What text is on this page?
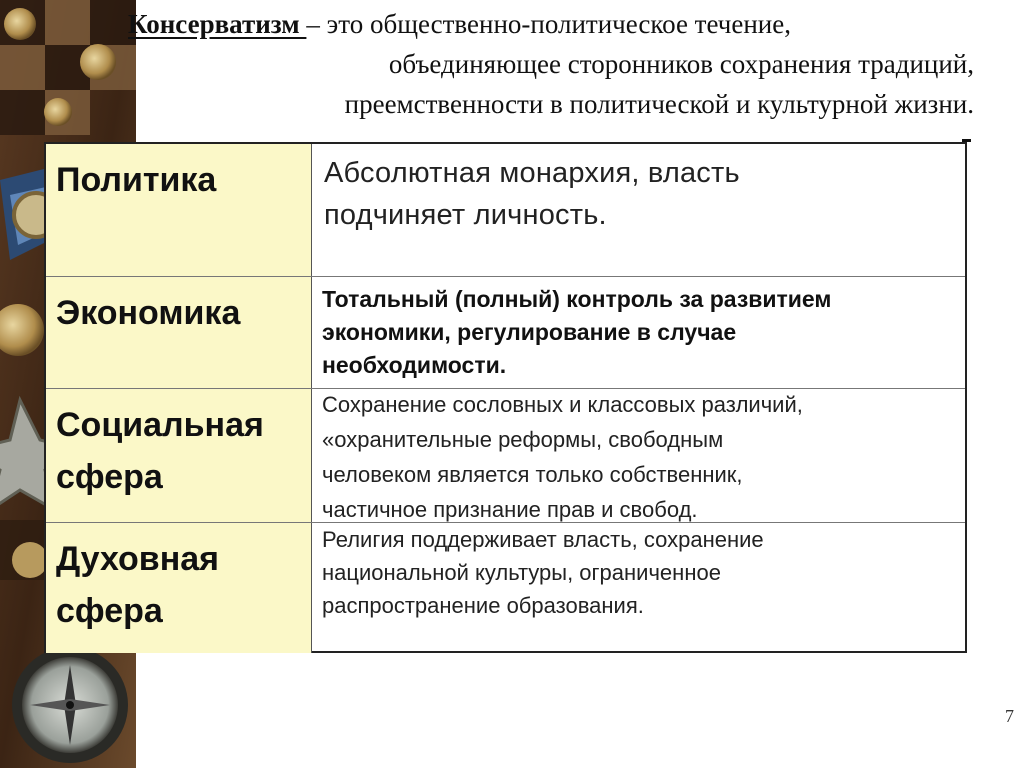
Консерватизм – это общественно-политическое течение,
объединяющее сторонников сохранения традиций,
преемственности в политической и культурной жизни.
Политика	Абсолютная монархия, власть
подчиняет личность.
Экономика	Тотальный (полный) контроль за развитием
экономики, регулирование в случае
необходимости.
Социальная
сфера
Сохранение сословных и классовых различий,
«охранительные реформы, свободным
человеком является только собственник,
частичное признание прав и свобод.
Духовная
сфера
Религия поддерживает власть, сохранение
национальной культуры, ограниченное
распространение образования.
7
